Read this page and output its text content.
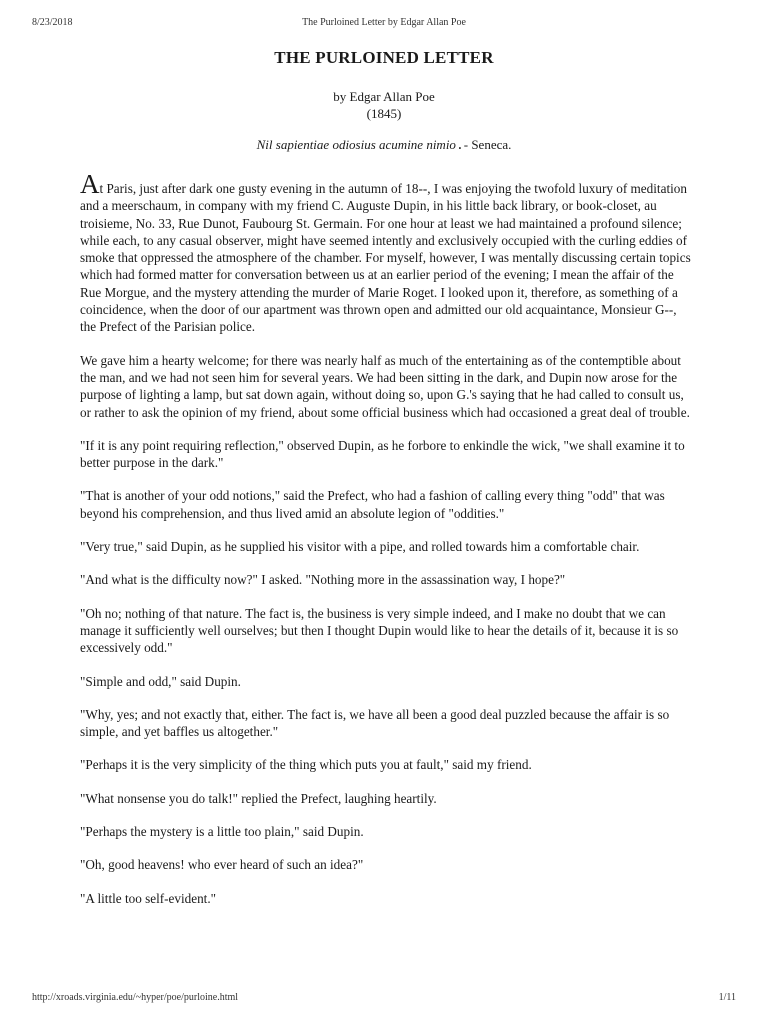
8/23/2018	The Purloined Letter by Edgar Allan Poe
THE PURLOINED LETTER
by Edgar Allan Poe
(1845)
Nil sapientiae odiosius acumine nimio.- Seneca.

At Paris, just after dark one gusty evening in the autumn of 18--, I was enjoying the twofold luxury of meditation and a meerschaum, in company with my friend C. Auguste Dupin, in his little back library, or book-closet, au troisieme, No. 33, Rue Dunot, Faubourg St. Germain. For one hour at least we had maintained a profound silence; while each, to any casual observer, might have seemed intently and exclusively occupied with the curling eddies of smoke that oppressed the atmosphere of the chamber. For myself, however, I was mentally discussing certain topics which had formed matter for conversation between us at an earlier period of the evening; I mean the affair of the Rue Morgue, and the mystery attending the murder of Marie Roget. I looked upon it, therefore, as something of a coincidence, when the door of our apartment was thrown open and admitted our old acquaintance, Monsieur G--, the Prefect of the Parisian police.

We gave him a hearty welcome; for there was nearly half as much of the entertaining as of the contemptible about the man, and we had not seen him for several years. We had been sitting in the dark, and Dupin now arose for the purpose of lighting a lamp, but sat down again, without doing so, upon G.'s saying that he had called to consult us, or rather to ask the opinion of my friend, about some official business which had occasioned a great deal of trouble.

"If it is any point requiring reflection," observed Dupin, as he forbore to enkindle the wick, "we shall examine it to better purpose in the dark."

"That is another of your odd notions," said the Prefect, who had a fashion of calling every thing "odd" that was beyond his comprehension, and thus lived amid an absolute legion of "oddities."

"Very true," said Dupin, as he supplied his visitor with a pipe, and rolled towards him a comfortable chair.

"And what is the difficulty now?" I asked. "Nothing more in the assassination way, I hope?"

"Oh no; nothing of that nature. The fact is, the business is very simple indeed, and I make no doubt that we can manage it sufficiently well ourselves; but then I thought Dupin would like to hear the details of it, because it is so excessively odd."

"Simple and odd," said Dupin.

"Why, yes; and not exactly that, either. The fact is, we have all been a good deal puzzled because the affair is so simple, and yet baffles us altogether."

"Perhaps it is the very simplicity of the thing which puts you at fault," said my friend.

"What nonsense you do talk!" replied the Prefect, laughing heartily.

"Perhaps the mystery is a little too plain," said Dupin.

"Oh, good heavens! who ever heard of such an idea?"

"A little too self-evident."

http://xroads.virginia.edu/~hyper/poe/purloine.html	1/11
